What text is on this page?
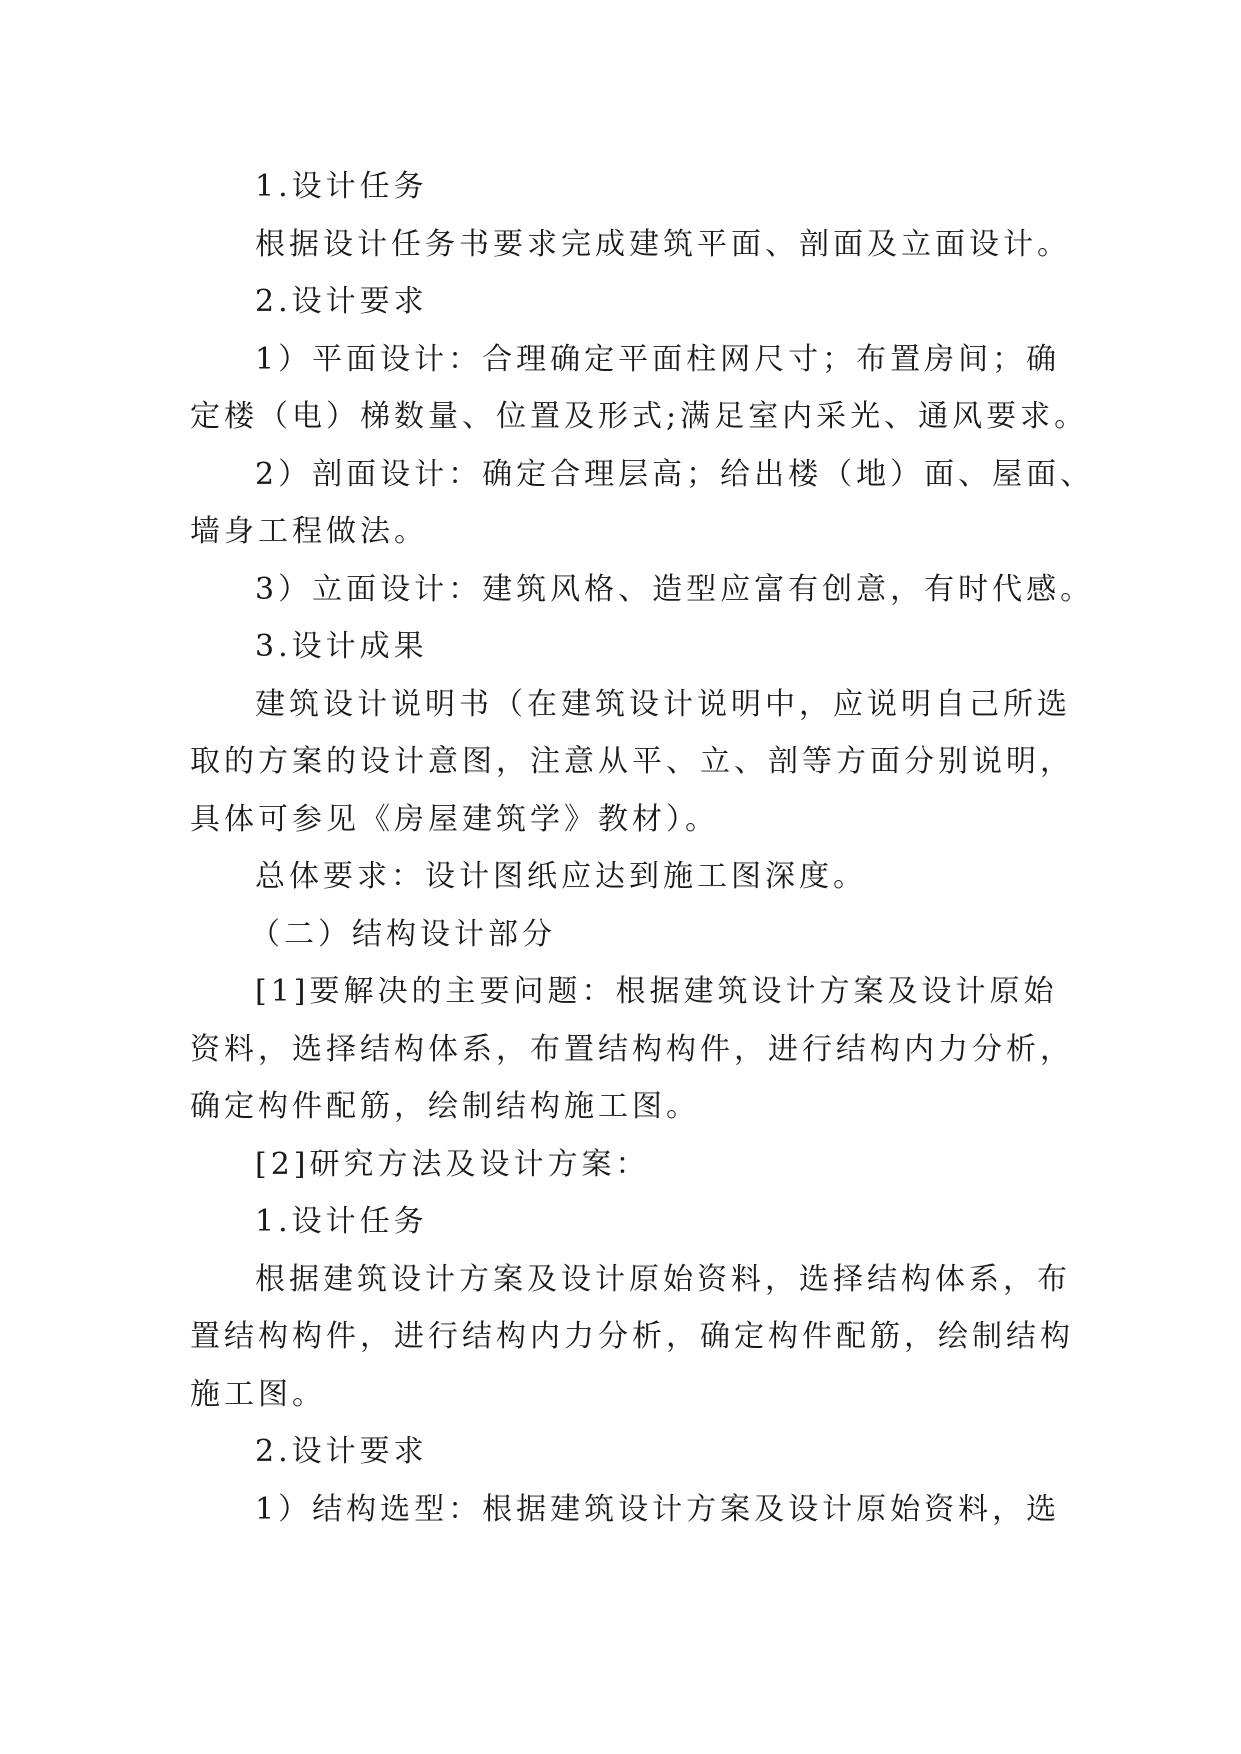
1.设计任务
根据设计任务书要求完成建筑平面、剖面及立面设计。
2.设计要求
1）平面设计：合理确定平面柱网尺寸；布置房间；确
定楼（电）梯数量、位置及形式;满足室内采光、通风要求。
2）剖面设计：确定合理层高；给出楼（地）面、屋面、
墙身工程做法。
3）立面设计：建筑风格、造型应富有创意，有时代感。
3.设计成果
建筑设计说明书（在建筑设计说明中，应说明自己所选
取的方案的设计意图，注意从平、立、剖等方面分别说明，
具体可参见《房屋建筑学》教材）。
总体要求：设计图纸应达到施工图深度。
（二）结构设计部分
[1]要解决的主要问题：根据建筑设计方案及设计原始
资料，选择结构体系，布置结构构件，进行结构内力分析，
确定构件配筋，绘制结构施工图。
[2]研究方法及设计方案：
1.设计任务
根据建筑设计方案及设计原始资料，选择结构体系，布
置结构构件，进行结构内力分析，确定构件配筋，绘制结构
施工图。
2.设计要求
1）结构选型：根据建筑设计方案及设计原始资料，选
